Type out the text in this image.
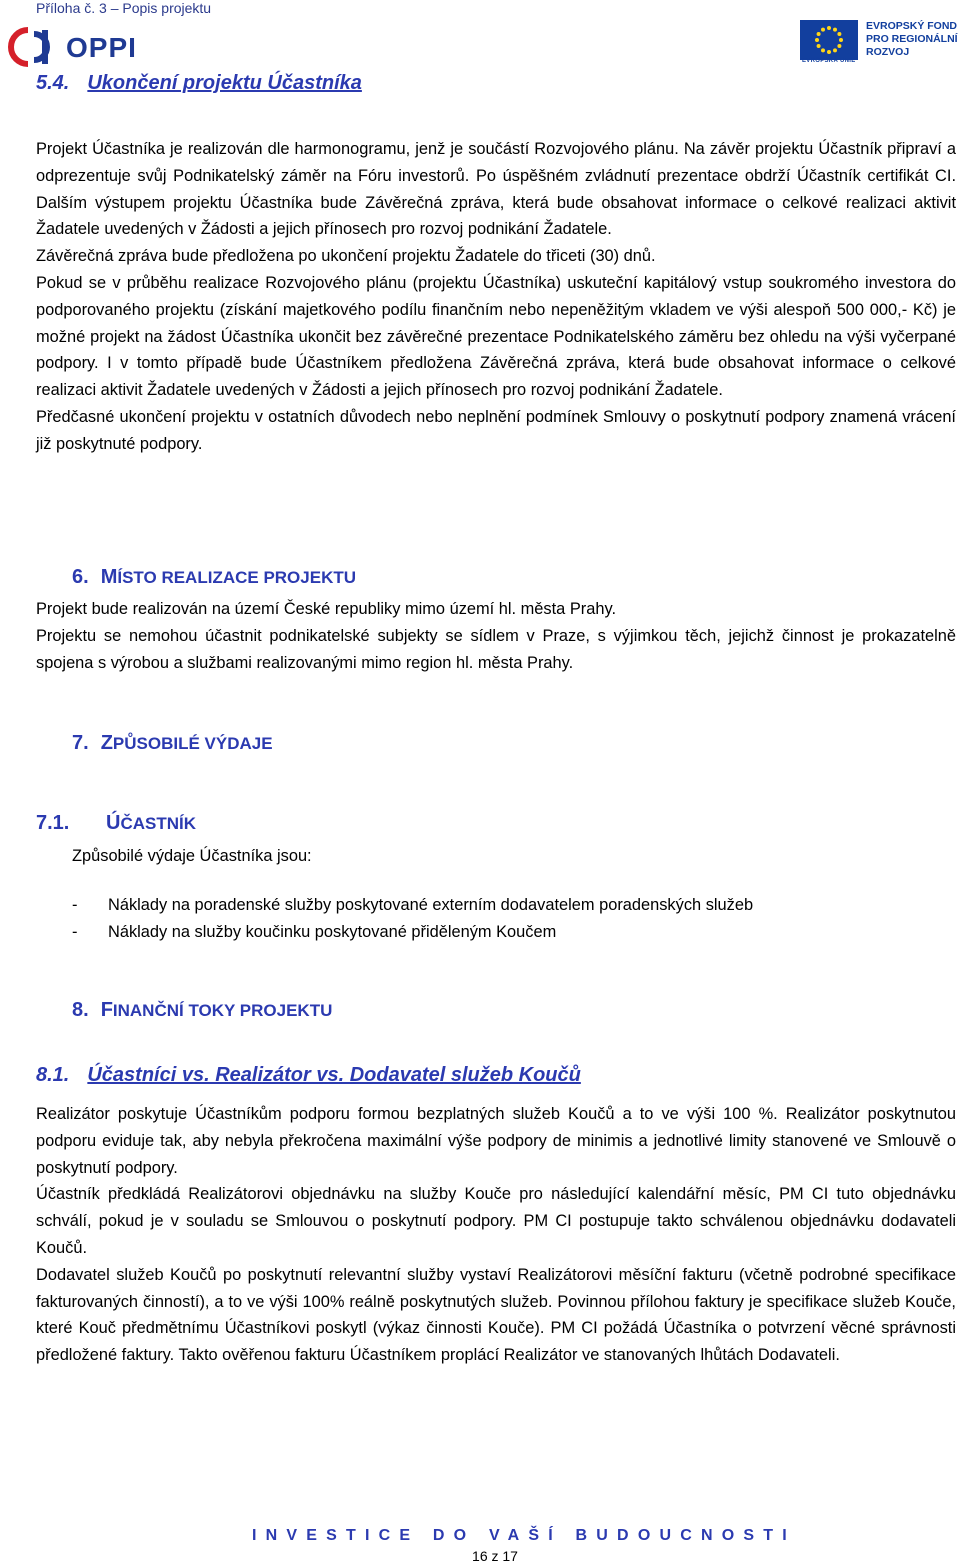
Příloha č. 3 – Popis projektu
OPPI	EVROPSKÁ UNIE
EVROPSKÝ FOND
PRO REGIONÁLNÍ
ROZVOJ
5.4. Ukončení projektu Účastníka

Projekt Účastníka je realizován dle harmonogramu, jenž je součástí Rozvojového plánu. Na závěr projektu Účastník připraví a odprezentuje svůj Podnikatelský záměr na Fóru investorů. Po úspěšném zvládnutí prezentace obdrží Účastník certifikát CI. Dalším výstupem projektu Účastníka bude Závěrečná zpráva, která bude obsahovat informace o celkové realizaci aktivit Žadatele uvedených v Žádosti a jejich přínosech pro rozvoj podnikání Žadatele.

Závěrečná zpráva bude předložena po ukončení projektu Žadatele do třiceti (30) dnů.

Pokud se v průběhu realizace Rozvojového plánu (projektu Účastníka) uskuteční kapitálový vstup soukromého investora do podporovaného projektu (získání majetkového podílu finančním nebo nepeněžitým vkladem ve výši alespoň 500 000,- Kč) je možné projekt na žádost Účastníka ukončit bez závěrečné prezentace Podnikatelského záměru bez ohledu na výši vyčerpané podpory. I v tomto případě bude Účastníkem předložena Závěrečná zpráva, která bude obsahovat informace o celkové realizaci aktivit Žadatele uvedených v Žádosti a jejich přínosech pro rozvoj podnikání Žadatele.

Předčasné ukončení projektu v ostatních důvodech nebo neplnění podmínek Smlouvy o poskytnutí podpory znamená vrácení již poskytnuté podpory.

6. MÍSTO REALIZACE PROJEKTU

Projekt bude realizován na území České republiky mimo území hl. města Prahy.

Projektu se nemohou účastnit podnikatelské subjekty se sídlem v Praze, s výjimkou těch, jejichž činnost je prokazatelně spojena s výrobou a službami realizovanými mimo region hl. města Prahy.

7. ZPŮSOBILÉ VÝDAJE
7.1. ÚČASTNÍK

Způsobilé výdaje Účastníka jsou:

-	Náklady na poradenské služby poskytované externím dodavatelem poradenských služeb
-	Náklady na služby koučinku poskytované přiděleným Koučem
8. FINANČNÍ TOKY PROJEKTU
8.1. Účastníci vs. Realizátor vs. Dodavatel služeb Koučů

Realizátor poskytuje Účastníkům podporu formou bezplatných služeb Koučů a to ve výši 100 %. Realizátor poskytnutou podporu eviduje tak, aby nebyla překročena maximální výše podpory de minimis a jednotlivé limity stanovené ve Smlouvě o poskytnutí podpory.

Účastník předkládá Realizátorovi objednávku na služby Kouče pro následující kalendářní měsíc, PM CI tuto objednávku schválí, pokud je v souladu se Smlouvou o poskytnutí podpory. PM CI postupuje takto schválenou objednávku dodavateli Koučů.

Dodavatel služeb Koučů po poskytnutí relevantní služby vystaví Realizátorovi měsíční fakturu (včetně podrobné specifikace fakturovaných činností), a to ve výši 100% reálně poskytnutých služeb. Povinnou přílohou faktury je specifikace služeb Kouče, které Kouč předmětnímu Účastníkovi poskytl (výkaz činnosti Kouče). PM CI požádá Účastníka o potvrzení věcné správnosti předložené faktury. Takto ověřenou fakturu Účastníkem proplácí Realizátor ve stanovaných lhůtách Dodavateli.

INVESTICE DO VAŠÍ BUDOUCNOSTI
16 z 17
